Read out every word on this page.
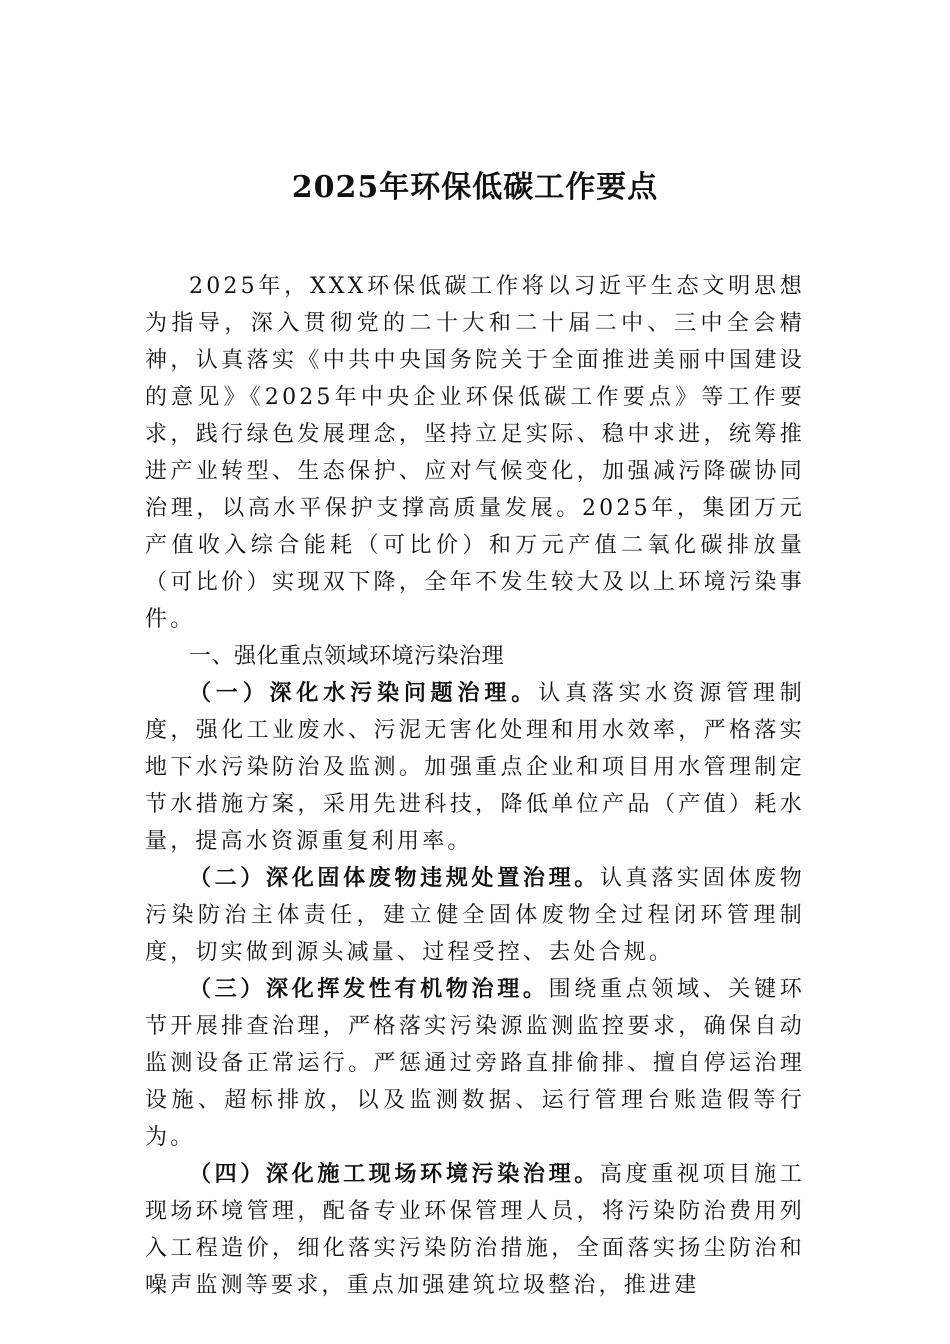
2025年环保低碳工作要点

2025年，XXX环保低碳工作将以习近平生态文明思想为指导，深入贯彻党的二十大和二十届二中、三中全会精神，认真落实《中共中央国务院关于全面推进美丽中国建设的意见》《2025年中央企业环保低碳工作要点》等工作要求，践行绿色发展理念，坚持立足实际、稳中求进，统筹推进产业转型、生态保护、应对气候变化，加强减污降碳协同治理，以高水平保护支撑高质量发展。2025年，集团万元产值收入综合能耗（可比价）和万元产值二氧化碳排放量（可比价）实现双下降，全年不发生较大及以上环境污染事件。

一、强化重点领域环境污染治理

（一）深化水污染问题治理。认真落实水资源管理制度，强化工业废水、污泥无害化处理和用水效率，严格落实地下水污染防治及监测。加强重点企业和项目用水管理制定节水措施方案，采用先进科技，降低单位产品（产值）耗水量，提高水资源重复利用率。

（二）深化固体废物违规处置治理。认真落实固体废物污染防治主体责任，建立健全固体废物全过程闭环管理制度，切实做到源头减量、过程受控、去处合规。

（三）深化挥发性有机物治理。围绕重点领域、关键环节开展排查治理，严格落实污染源监测监控要求，确保自动监测设备正常运行。严惩通过旁路直排偷排、擅自停运治理设施、超标排放，以及监测数据、运行管理台账造假等行为。

（四）深化施工现场环境污染治理。高度重视项目施工现场环境管理，配备专业环保管理人员，将污染防治费用列入工程造价，细化落实污染防治措施，全面落实扬尘防治和噪声监测等要求，重点加强建筑垃圾整治，推进建
